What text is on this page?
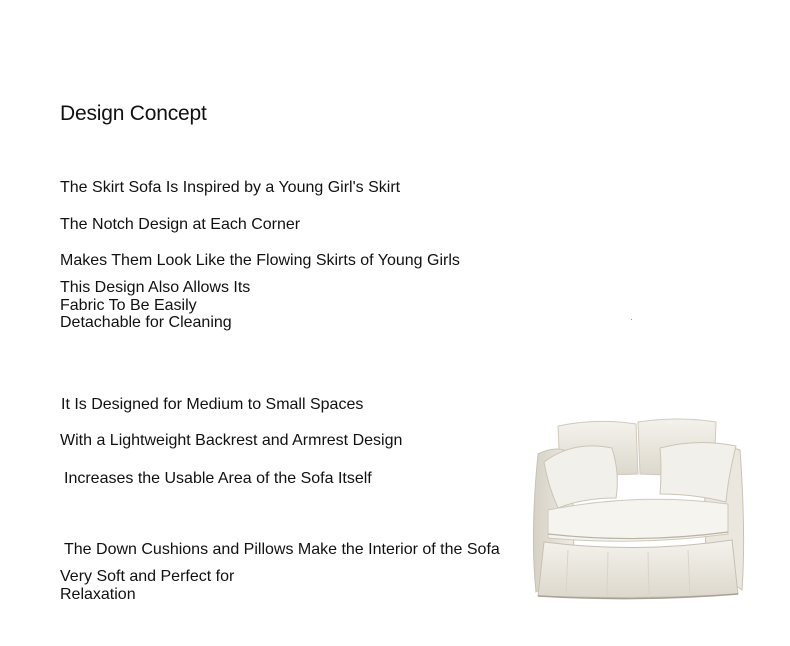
Design Concept

The Skirt Sofa Is Inspired by a Young Girl's Skirt

The Notch Design at Each Corner

Makes Them Look Like the Flowing Skirts of Young Girls

This Design Also Allows Its Fabric To Be Easily Detachable for Cleaning

It Is Designed for Medium to Small Spaces

With a Lightweight Backrest and Armrest Design

Increases the Usable Area of the Sofa Itself

The Down Cushions and Pillows Make the Interior of the Sofa

Very Soft and Perfect for Relaxation
